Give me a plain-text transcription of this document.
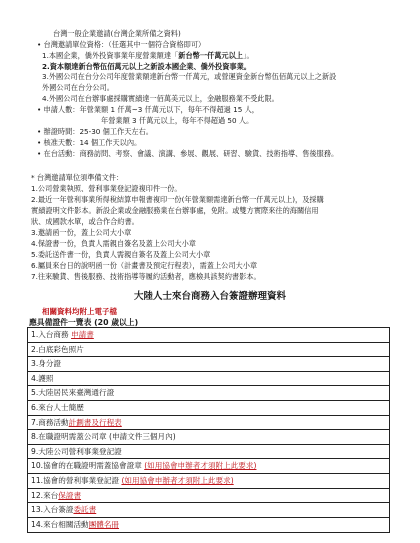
台灣一般企業邀請(台灣企業所備之資料)
• 台灣邀請單位資格：（任選其中一個符合資格即可）
1.本國企業，僑外投資事業年度營業額達「新台幣一仟萬元以上」。
2.資本額達新台幣伍佰萬元以上之新設本國企業、僑外投資事業。
3.外國公司在台分公司年度營業額達新台幣一仟萬元，或營運資金新台幣伍佰萬元以上之新設
外國公司在台分公司。
4.外國公司在台辦事處採購實績達一佰萬美元以上，金融服務業不受此限。
• 申請人數：年營業額 1 仟萬~3 仟萬元以下，每年不得超過 15 人，
年營業額 3 仟萬元以上，每年不得超過 50 人。
• 辦證時間：25-30 個工作天左右。
• 核准天數：14 個工作天以內。
• 在台活動：商務訪問、考察、會議、演講、參展、觀展、研習、驗貨、技術指導、售後服務。
* 台灣邀請單位須準備文件：
1.公司營業執照、營利事業登記證複印件一份。
2.最近一年營利事業所得稅結算申報書複印一份(年營業額需達新台幣一仟萬元以上)，及採購
實績證明文件影本。新設企業或金融服務業在台辦事處，免附。或雙方實際來往的海關信用
狀、成國款水單，或合作合約書。
3.邀請函一份，蓋上公司大小章
4.保證書一份，負責人需親自簽名及蓋上公司大小章
5.委託送件書一份，負責人需親自簽名及蓋上公司大小章
6.屬員來台日的說明函一份（計畫書及預定行程表），需蓋上公司大小章
7.往來驗貨、售後服務、技術指導等履約活動者，應檢具該契約書影本。
大陸人士來台商務入台簽證辦理資料
相關資料均附上電子檔
應具備證件一覽表 (20 歲以上)
1.入台商務 申請書
2.白底彩色照片
3.身分證
4.護照
5.大陸居民來臺灣通行證
6.來台人士簡歷
7.商務活動計劃書及行程表
8.在職證明需蓋公司章 (申請文件三個月內)
9.大陸公司營利事業登記證
10.協會的在職證明需蓋協會證章 (如用協會申辦者才須附上此要求)
11.協會的營利事業登記證 (如用協會申辦者才須附上此要求)
12.來台保證書
13.入台簽證委託書
14.來台相關活動團體名冊
